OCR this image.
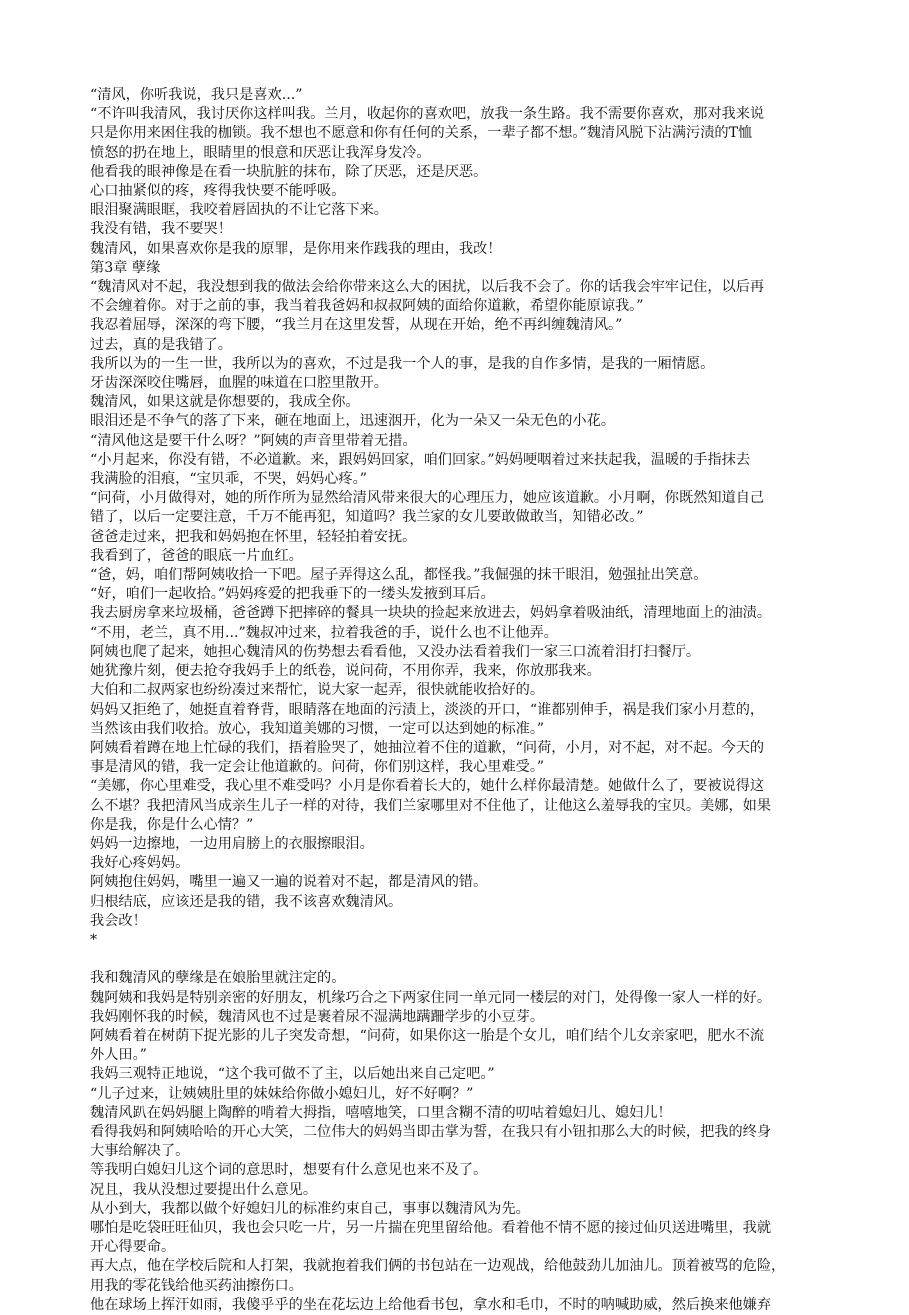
“清风，你听我说，我只是喜欢...”

“不许叫我清风，我讨厌你这样叫我。兰月，收起你的喜欢吧，放我一条生路。我不需要你喜欢，那对我来说

只是你用来困住我的枷锁。我不想也不愿意和你有任何的关系，一辈子都不想。”魏清风脱下沾满污渍的T恤

愤怒的扔在地上，眼睛里的恨意和厌恶让我浑身发冷。

他看我的眼神像是在看一块肮脏的抹布，除了厌恶，还是厌恶。

心口抽紧似的疼，疼得我快要不能呼吸。

眼泪聚满眼眶，我咬着唇固执的不让它落下来。

我没有错，我不要哭！

魏清风，如果喜欢你是我的原罪，是你用来作践我的理由，我改！

第3章 孽缘

“魏清风对不起，我没想到我的做法会给你带来这么大的困扰，以后我不会了。你的话我会牢牢记住，以后再

不会缠着你。对于之前的事，我当着我爸妈和叔叔阿姨的面给你道歉，希望你能原谅我。”

我忍着屈辱，深深的弯下腰，“我兰月在这里发誓，从现在开始，绝不再纠缠魏清风。”

过去，真的是我错了。

我所以为的一生一世，我所以为的喜欢，不过是我一个人的事，是我的自作多情，是我的一厢情愿。

牙齿深深咬住嘴唇，血腥的味道在口腔里散开。

魏清风，如果这就是你想要的，我成全你。

眼泪还是不争气的落了下来，砸在地面上，迅速洇开，化为一朵又一朵无色的小花。

“清风他这是要干什么呀？”阿姨的声音里带着无措。

“小月起来，你没有错，不必道歉。来，跟妈妈回家，咱们回家。”妈妈哽咽着过来扶起我，温暖的手指抹去

我满脸的泪痕，“宝贝乖，不哭，妈妈心疼。”

“问荷，小月做得对，她的所作所为显然给清风带来很大的心理压力，她应该道歉。小月啊，你既然知道自己

错了，以后一定要注意，千万不能再犯，知道吗？我兰家的女儿要敢做敢当，知错必改。”

爸爸走过来，把我和妈妈抱在怀里，轻轻拍着安抚。

我看到了，爸爸的眼底一片血红。

“爸，妈，咱们帮阿姨收拾一下吧。屋子弄得这么乱，都怪我。”我倔强的抹干眼泪，勉强扯出笑意。

“好，咱们一起收拾。”妈妈疼爱的把我垂下的一缕头发掖到耳后。

我去厨房拿来垃圾桶，爸爸蹲下把摔碎的餐具一块块的捡起来放进去，妈妈拿着吸油纸，清理地面上的油渍。

“不用，老兰，真不用...”魏叔冲过来，拉着我爸的手，说什么也不让他弄。

阿姨也爬了起来，她担心魏清风的伤势想去看看他，又没办法看着我们一家三口流着泪打扫餐厅。

她犹豫片刻，便去抢夺我妈手上的纸卷，说问荷，不用你弄，我来，你放那我来。

大伯和二叔两家也纷纷凑过来帮忙，说大家一起弄，很快就能收拾好的。

妈妈又拒绝了，她挺直着脊背，眼睛落在地面的污渍上，淡淡的开口，“谁都别伸手，祸是我们家小月惹的，

当然该由我们收拾。放心，我知道美娜的习惯，一定可以达到她的标准。”

阿姨看着蹲在地上忙碌的我们，捂着脸哭了，她抽泣着不住的道歉，“问荷，小月，对不起，对不起。今天的

事是清风的错，我一定会让他道歉的。问荷，你们别这样，我心里难受。”

“美娜，你心里难受，我心里不难受吗？小月是你看着长大的，她什么样你最清楚。她做什么了，要被说得这

么不堪？我把清风当成亲生儿子一样的对待，我们兰家哪里对不住他了，让他这么羞辱我的宝贝。美娜，如果

你是我，你是什么心情？”

妈妈一边擦地，一边用肩膀上的衣服擦眼泪。

我好心疼妈妈。

阿姨抱住妈妈，嘴里一遍又一遍的说着对不起，都是清风的错。

归根结底，应该还是我的错，我不该喜欢魏清风。

我会改！

*

我和魏清风的孽缘是在娘胎里就注定的。

魏阿姨和我妈是特别亲密的好朋友，机缘巧合之下两家住同一单元同一楼层的对门，处得像一家人一样的好。

我妈刚怀我的时候，魏清风也不过是裹着尿不湿满地蹒跚学步的小豆芽。

阿姨看着在树荫下捉光影的儿子突发奇想，“问荷，如果你这一胎是个女儿，咱们结个儿女亲家吧，肥水不流

外人田。”

我妈三观特正地说，“这个我可做不了主，以后她出来自己定吧。”

“儿子过来，让姨姨肚里的妹妹给你做小媳妇儿，好不好啊？”

魏清风趴在妈妈腿上陶醉的啃着大拇指，嘻嘻地笑，口里含糊不清的叨咕着媳妇儿、媳妇儿！

看得我妈和阿姨哈哈的开心大笑，二位伟大的妈妈当即击掌为誓，在我只有小钮扣那么大的时候，把我的终身

大事给解决了。

等我明白媳妇儿这个词的意思时，想要有什么意见也来不及了。

况且，我从没想过要提出什么意见。

从小到大，我都以做个好媳妇儿的标准约束自己，事事以魏清风为先。

哪怕是吃袋旺旺仙贝，我也会只吃一片，另一片揣在兜里留给他。看着他不情不愿的接过仙贝送进嘴里，我就

开心得要命。

再大点，他在学校后院和人打架，我就抱着我们俩的书包站在一边观战，给他鼓劲儿加油儿。顶着被骂的危险，

用我的零花钱给他买药油擦伤口。

他在球场上挥汗如雨，我傻乎乎的坐在花坛边上给他看书包，拿水和毛巾，不时的呐喊助威，然后换来他嫌弃
